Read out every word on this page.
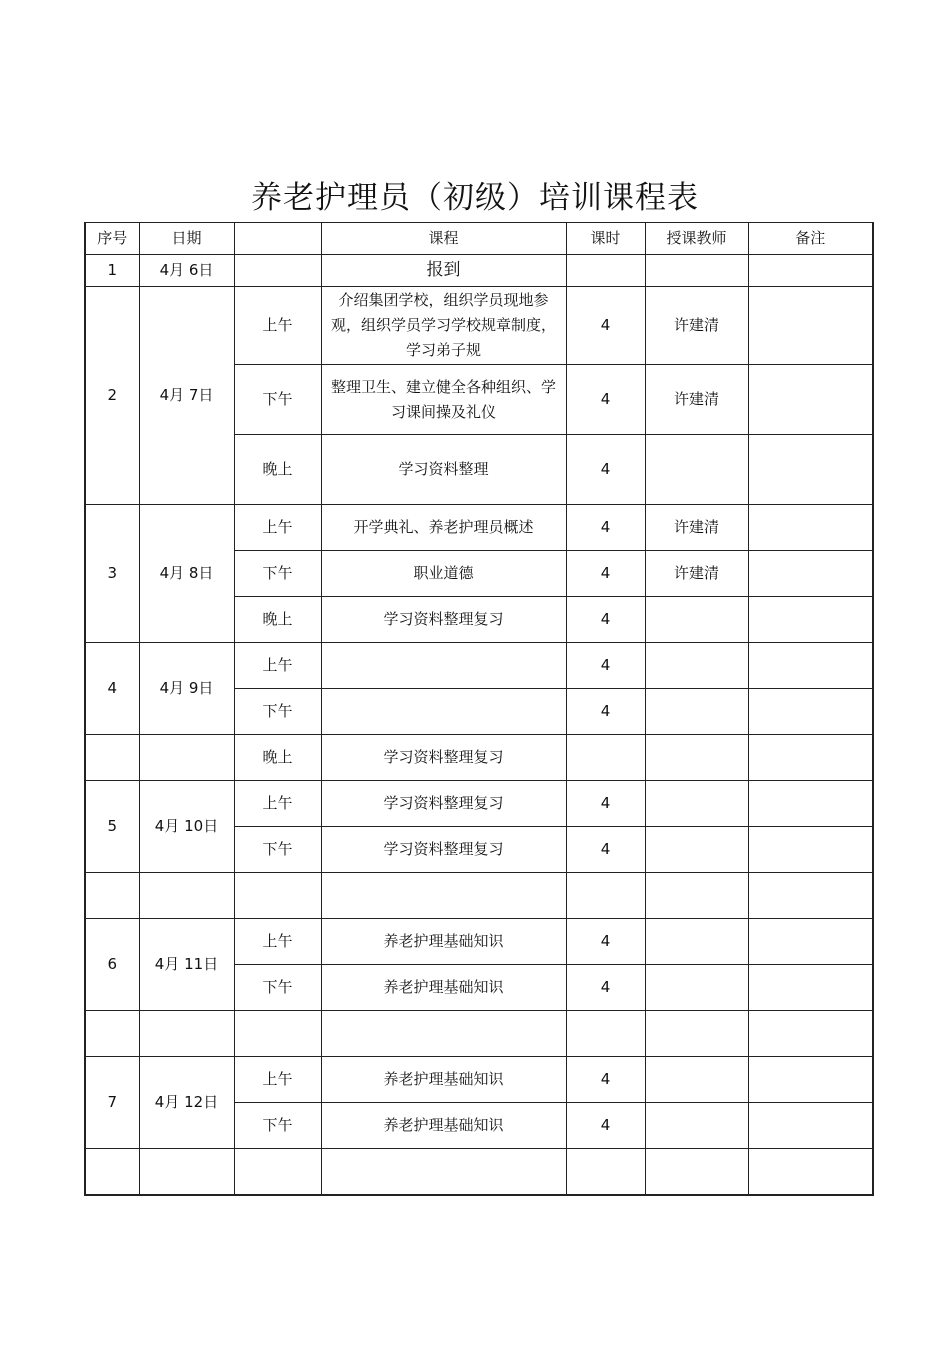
养老护理员（初级）培训课程表
序号	日期		课程	课时	授课教师	备注
1	4月 6日		报到			

2	4月 7日	上午	介绍集团学校，组织学员现地参观，组织学员学习学校规章制度，学习弟子规	4	许建清	
		下午	整理卫生、建立健全各种组织、学习课间操及礼仪	4	许建清	
		晚上	学习资料整理	4		
3	4月 8日	上午	开学典礼、养老护理员概述	4	许建清	
		下午	职业道德	4	许建清	
		晚上	学习资料整理复习	4		
4	4月 9日	上午		4		
		下午		4		
		晚上	学习资料整理复习			
5	4月 10日	上午	学习资料整理复习	4		
		下午	学习资料整理复习	4		

6	4月 11日	上午	养老护理基础知识	4		
		下午	养老护理基础知识	4		

7	4月 12日	上午	养老护理基础知识	4		
		下午	养老护理基础知识	4		
